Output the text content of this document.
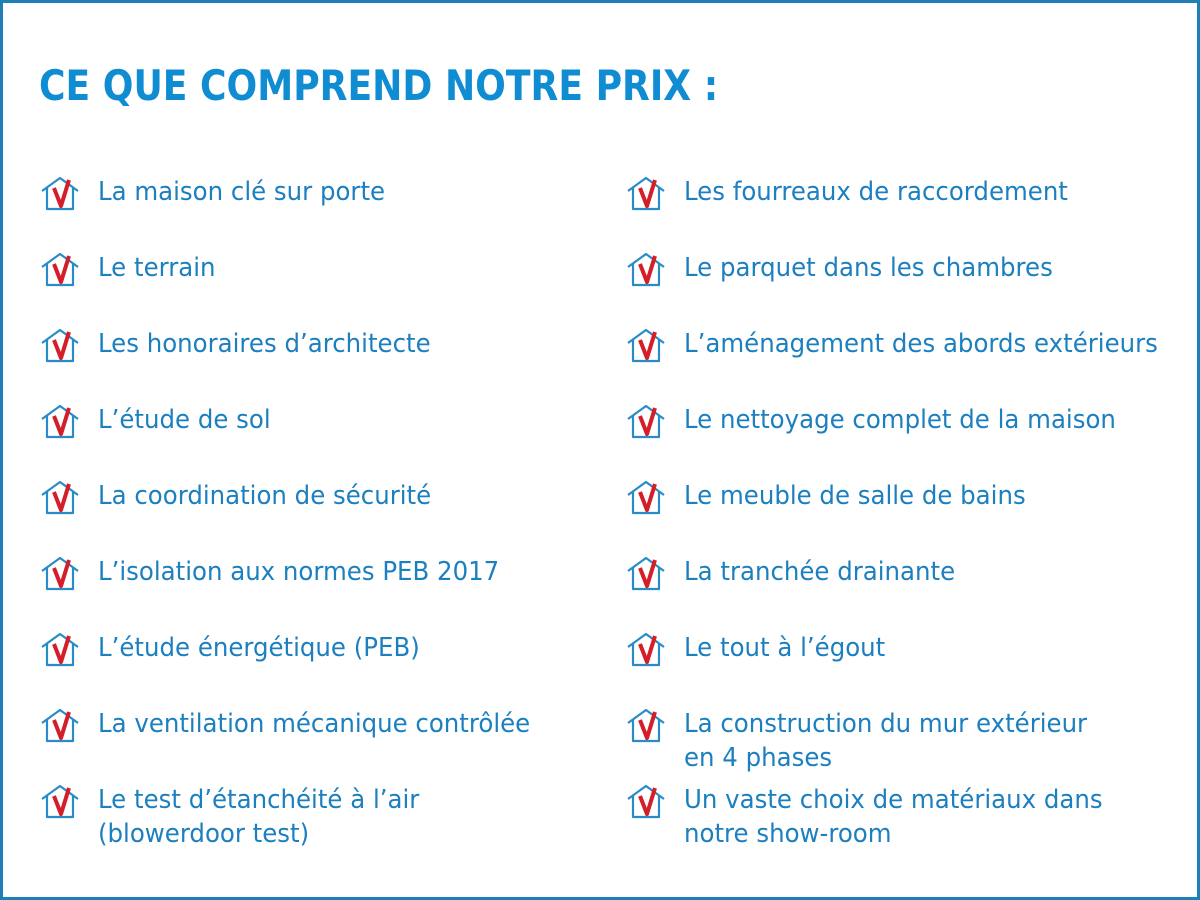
CE QUE COMPREND NOTRE PRIX :
La maison clé sur porte
Le terrain
Les honoraires d’architecte
L’étude de sol
La coordination de sécurité
L’isolation aux normes PEB 2017
L’étude énergétique (PEB)
La ventilation mécanique contrôlée
Le test d’étanchéité à l’air
(blowerdoor test)
Les fourreaux de raccordement
Le parquet dans les chambres
L’aménagement des abords extérieurs
Le nettoyage complet de la maison
Le meuble de salle de bains
La tranchée drainante
Le tout à l’égout
La construction du mur extérieur
en 4 phases
Un vaste choix de matériaux dans
notre show-room
